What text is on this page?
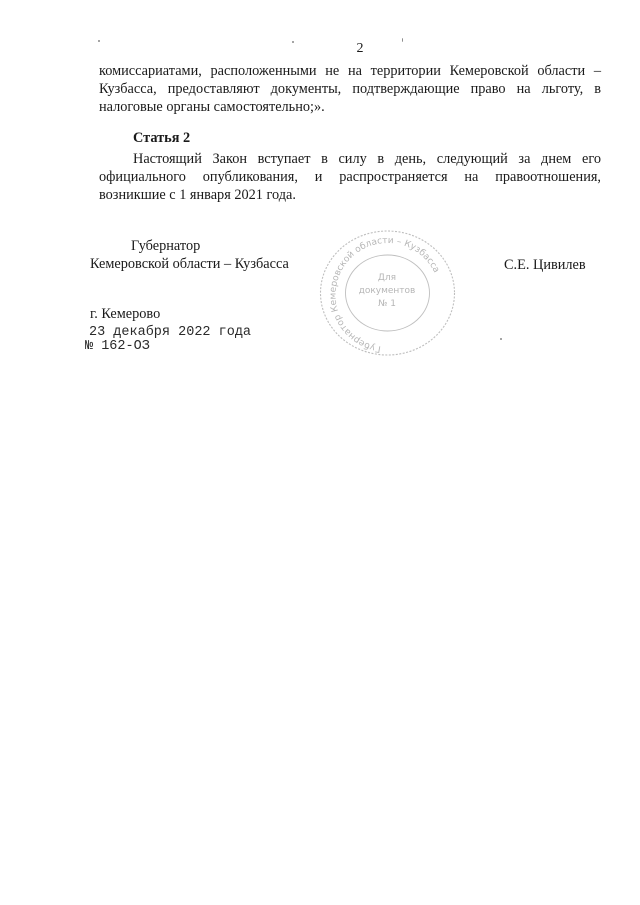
2
комиссариатами, расположенными не на территории Кемеровской области –
Кузбасса, предоставляют документы, подтверждающие право на льготу, в
налоговые органы самостоятельно;».
Статья 2
Настоящий Закон вступает в силу в день, следующий за днем его
официального опубликования, и распространяется на правоотношения,
возникшие с 1 января 2021 года.
Губернатор
Кемеровской области – Кузбасса	С.Е. Цивилев
Губернатор Кемеровской области – Кузбасса
Для
документов
№ 1
г. Кемерово
23 декабря 2022 года
№ 162-ОЗ
